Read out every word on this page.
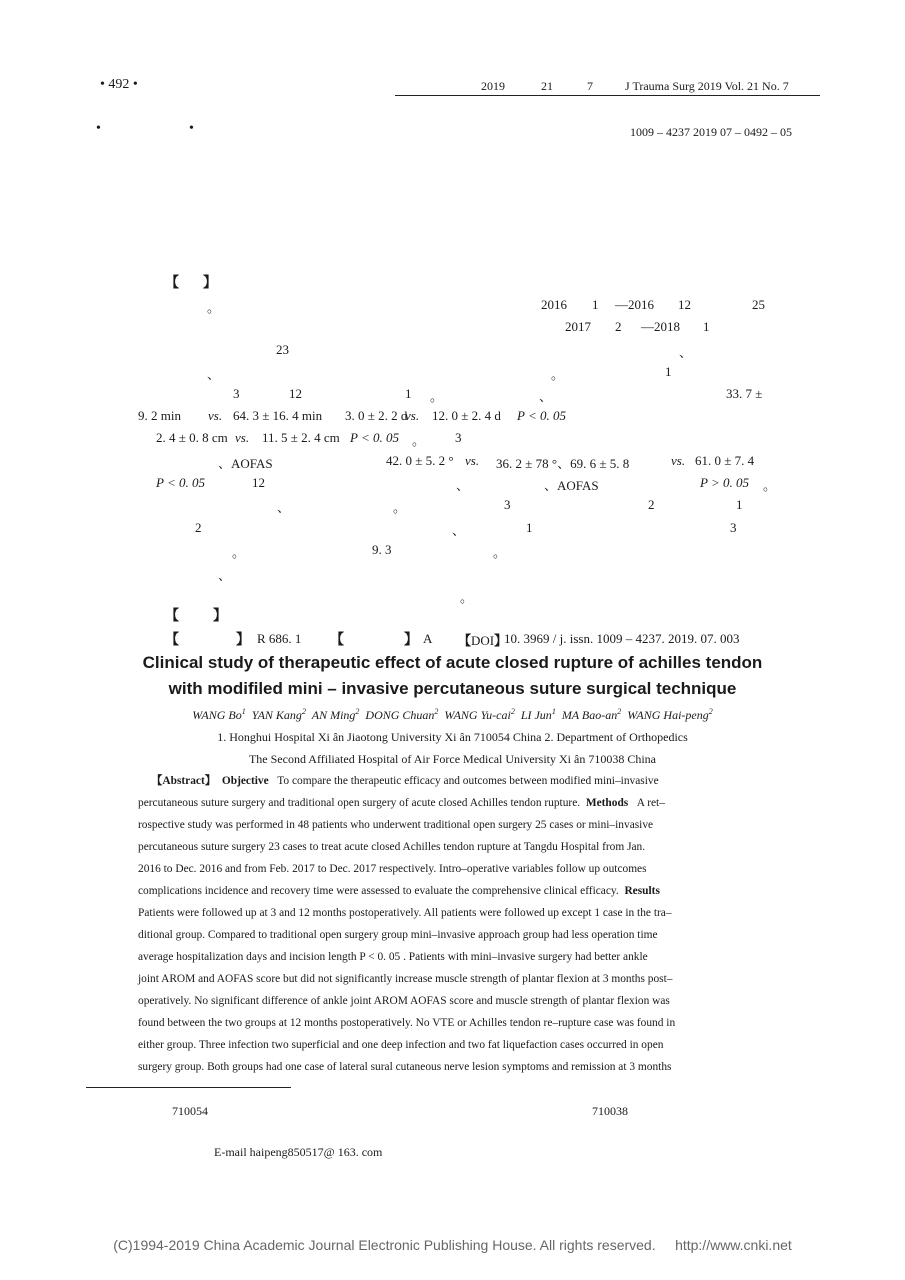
• 492 •	2019	21	7	J Trauma Surg 2019 Vol. 21 No. 7
•	•	1009 – 4237 2019 07 – 0492 – 05
【 】
。	2016 1 —2016 12	25
2017 2 —2018 1
23	、
、	。	1
3	12	1 。	、	33. 7 ±
9. 2 min vs. 64. 3 ± 16. 4 min 3. 0 ± 2. 2 d
vs. 12. 0 ± 2. 4 d P < 0. 05
2. 4 ± 0. 8 cm vs. 11. 5 ± 2. 4 cm P < 0. 05 。 3
、AOFAS	42. 0 ± 5. 2 ° vs. 36. 2 ± 78 °、69. 6 ± 5. 8	vs. 61. 0 ± 7. 4
P < 0. 05	12	、	、AOFAS	P > 0. 05 。
、	。	3	2	1
2	、	1	3
。	9. 3	。
、
。
【 】
【	】 R 686. 1 【	】 A 【DOI】
10. 3969 / j. issn. 1009 – 4237. 2019. 07. 003
Clinical study of therapeutic effect of acute closed rupture of achilles tendon
with modifiled mini – invasive percutaneous suture surgical technique
WANG Bo$^1$ YAN Kang$^2$ AN Ming$^2$ DONG Chuan$^2$ WANG Yu-cai$^2$ LI Jun$^1$ MA Bao-$an^2$ WANG Hai-peng$^2$
1. Honghui Hospital Xi ân Jiaotong University Xi ân 710054 China 2. Department of Orthopedics
The Second Affiliated Hospital of Air Force Medical University Xi ân 710038 China
【Abstract】 Objective To compare the therapeutic efficacy and outcomes between modified mini–invasive
percutaneous suture surgery and traditional open surgery of acute closed Achilles tendon rupture. Methods A ret–
rospective study was performed in 48 patients who underwent traditional open surgery 25 cases or mini–invasive
percutaneous suture surgery 23 cases to treat acute closed Achilles tendon rupture at Tangdu Hospital from Jan.
2016 to Dec. 2016 and from Feb. 2017 to Dec. 2017 respectively. Intro–operative variables follow up outcomes
complications incidence and recovery time were assessed to evaluate the comprehensive clinical efficacy. Results
Patients were followed up at 3 and 12 months postoperatively. All patients were followed up except 1 case in the tra–
ditional group. Compared to traditional open surgery group mini–invasive approach group had less operation time
average hospitalization days and incision length P < 0. 05 . Patients with mini–invasive surgery had better ankle
joint AROM and AOFAS score but did not significantly increase muscle strength of plantar flexion at 3 months post–
operatively. No significant difference of ankle joint AROM AOFAS score and muscle strength of plantar flexion was
found between the two groups at 12 months postoperatively. No VTE or Achilles tendon re–rupture case was found in
either group. Three infection two superficial and one deep infection and two fat liquefaction cases occurred in open
surgery group. Both groups had one case of lateral sural cutaneous nerve lesion symptoms and remission at 3 months
710054	710038
E-mail haipeng850517@ 163. com
(C)1994-2019 China Academic Journal Electronic Publishing House. All rights reserved. http://www.cnki.net
